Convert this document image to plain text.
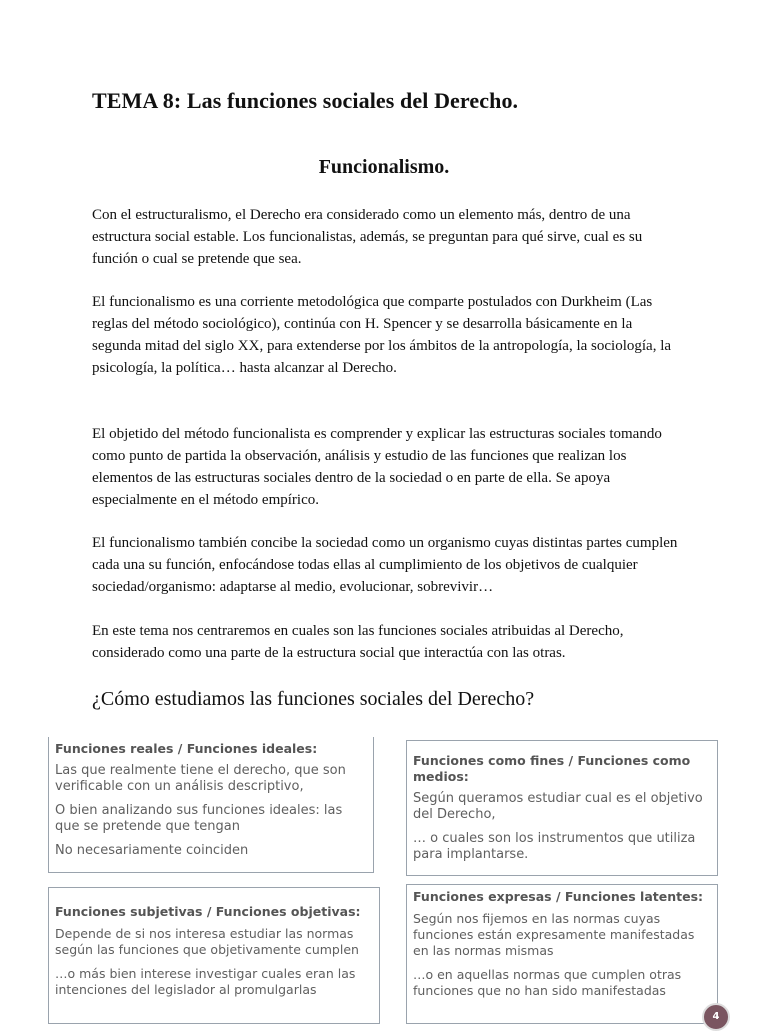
TEMA 8: Las funciones sociales del Derecho.
Funcionalismo.

Con el estructuralismo, el Derecho era considerado como un elemento más, dentro de una estructura social estable. Los funcionalistas, además, se preguntan para qué sirve, cual es su función o cual se pretende que sea.

El funcionalismo es una corriente metodológica que comparte postulados con Durkheim (Las reglas del método sociológico), continúa con H. Spencer y se desarrolla básicamente en la segunda mitad del siglo XX, para extenderse por los ámbitos de la antropología, la sociología, la psicología, la política… hasta alcanzar al Derecho.

El objetido del método funcionalista es comprender y explicar las estructuras sociales tomando como punto de partida la observación, análisis y estudio de las funciones que realizan los elementos de las estructuras sociales dentro de la sociedad o en parte de ella. Se apoya especialmente en el método empírico.

El funcionalismo también concibe la sociedad como un organismo cuyas distintas partes cumplen cada una su función, enfocándose todas ellas al cumplimiento de los objetivos de cualquier sociedad/organismo: adaptarse al medio, evolucionar, sobrevivir…

En este tema nos centraremos en cuales son las funciones sociales atribuidas al Derecho, considerado como una parte de la estructura social que interactúa con las otras.

¿Cómo estudiamos las funciones sociales del Derecho?

Funciones reales / Funciones ideales:

Las que realmente tiene el derecho, que son verificable con un análisis descriptivo,

O bien analizando sus funciones ideales: las que se pretende que tengan

No necesariamente coinciden

Funciones como fines / Funciones como medios:

Según queramos estudiar cual es el objetivo del Derecho,

… o cuales son los instrumentos que utiliza para implantarse.

Funciones subjetivas / Funciones objetivas:

Depende de si nos interesa estudiar las normas según las funciones que objetivamente cumplen

…o más bien interese investigar cuales eran las intenciones del legislador al promulgarlas

Funciones expresas / Funciones latentes:

Según nos fijemos en las normas cuyas funciones están expresamente manifestadas en las normas mismas

…o en aquellas normas que cumplen otras funciones que no han sido manifestadas

4
